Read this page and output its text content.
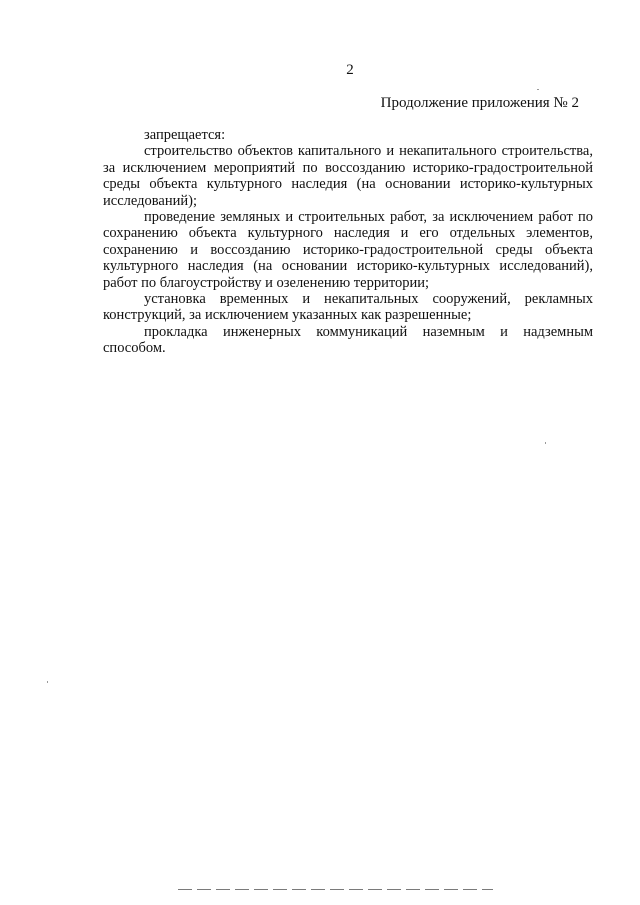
2
Продолжение приложения № 2

запрещается:

строительство объектов капитального и некапитального строительства, за исключением мероприятий по воссозданию историко-градостроительной среды объекта культурного наследия (на основании историко-культурных исследований);

проведение земляных и строительных работ, за исключением работ по сохранению объекта культурного наследия и его отдельных элементов, сохранению и воссозданию историко-градостроительной среды объекта культурного наследия (на основании историко-культурных исследований), работ по благоустройству и озеленению территории;

установка временных и некапитальных сооружений, рекламных конструкций, за исключением указанных как разрешенные;

прокладка инженерных коммуникаций наземным и надземным способом.
